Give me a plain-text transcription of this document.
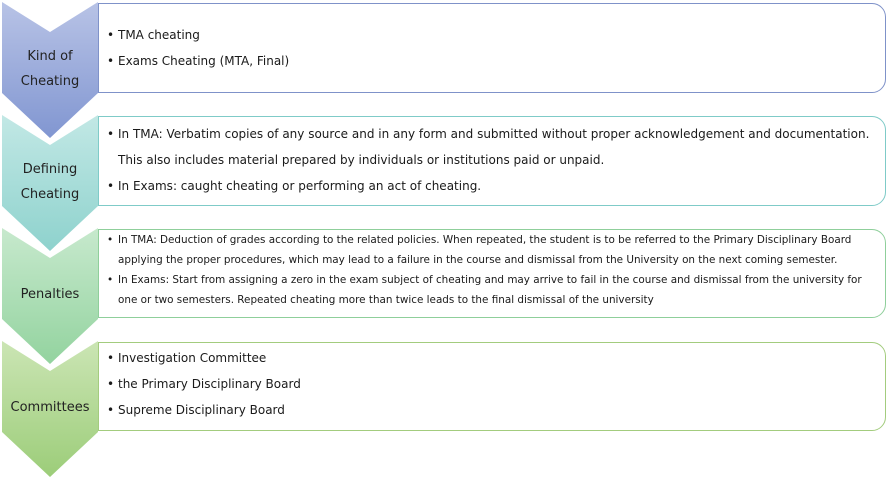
Kind of
Cheating
Defining
Cheating
Penalties
Committees
• TMA cheating
• Exams Cheating (MTA, Final)
• In TMA: Verbatim copies of any source and in any form and submitted without proper acknowledgement and documentation. This also includes material prepared by individuals or institutions paid or unpaid.
• In Exams: caught cheating or performing an act of cheating.
• In TMA: Deduction of grades according to the related policies. When repeated, the student is to be referred to the Primary Disciplinary Board applying the proper procedures, which may lead to a failure in the course and dismissal from the University on the next coming semester.
• In Exams: Start from assigning a zero in the exam subject of cheating and may arrive to fail in the course and dismissal from the university for one or two semesters. Repeated cheating more than twice leads to the final dismissal of the university
• Investigation Committee
• the Primary Disciplinary Board
• Supreme Disciplinary Board
